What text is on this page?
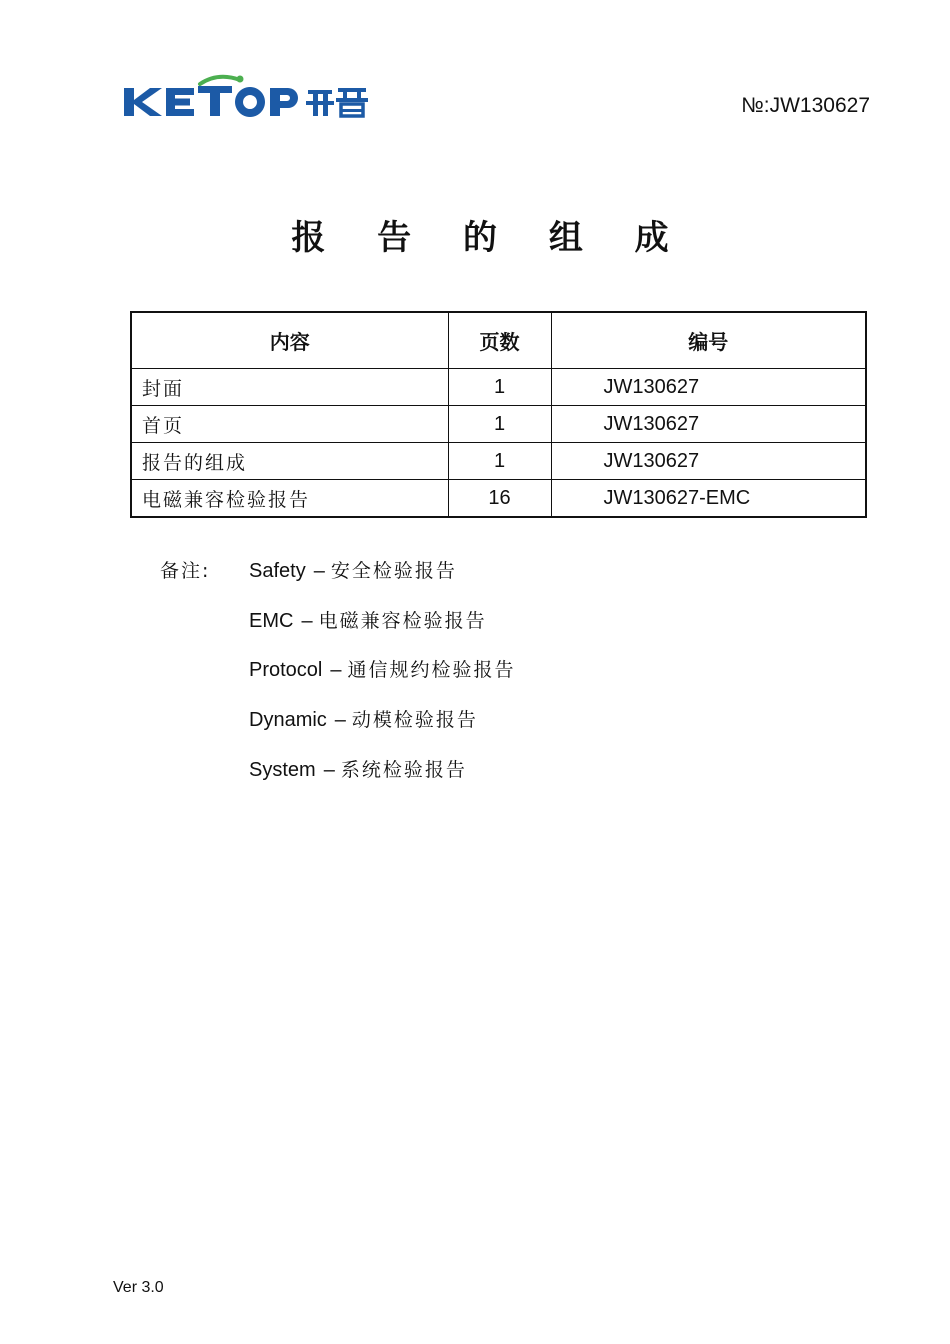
№:JW130627
报 告 的 组 成
内容	页数	编号
封面	1	JW130627
首页	1	JW130627
报告的组成	1	JW130627
电磁兼容检验报告	16	JW130627-EMC
备注: Safety – 安全检验报告
EMC – 电磁兼容检验报告
Protocol – 通信规约检验报告
Dynamic – 动模检验报告
System – 系统检验报告
Ver 3.0
